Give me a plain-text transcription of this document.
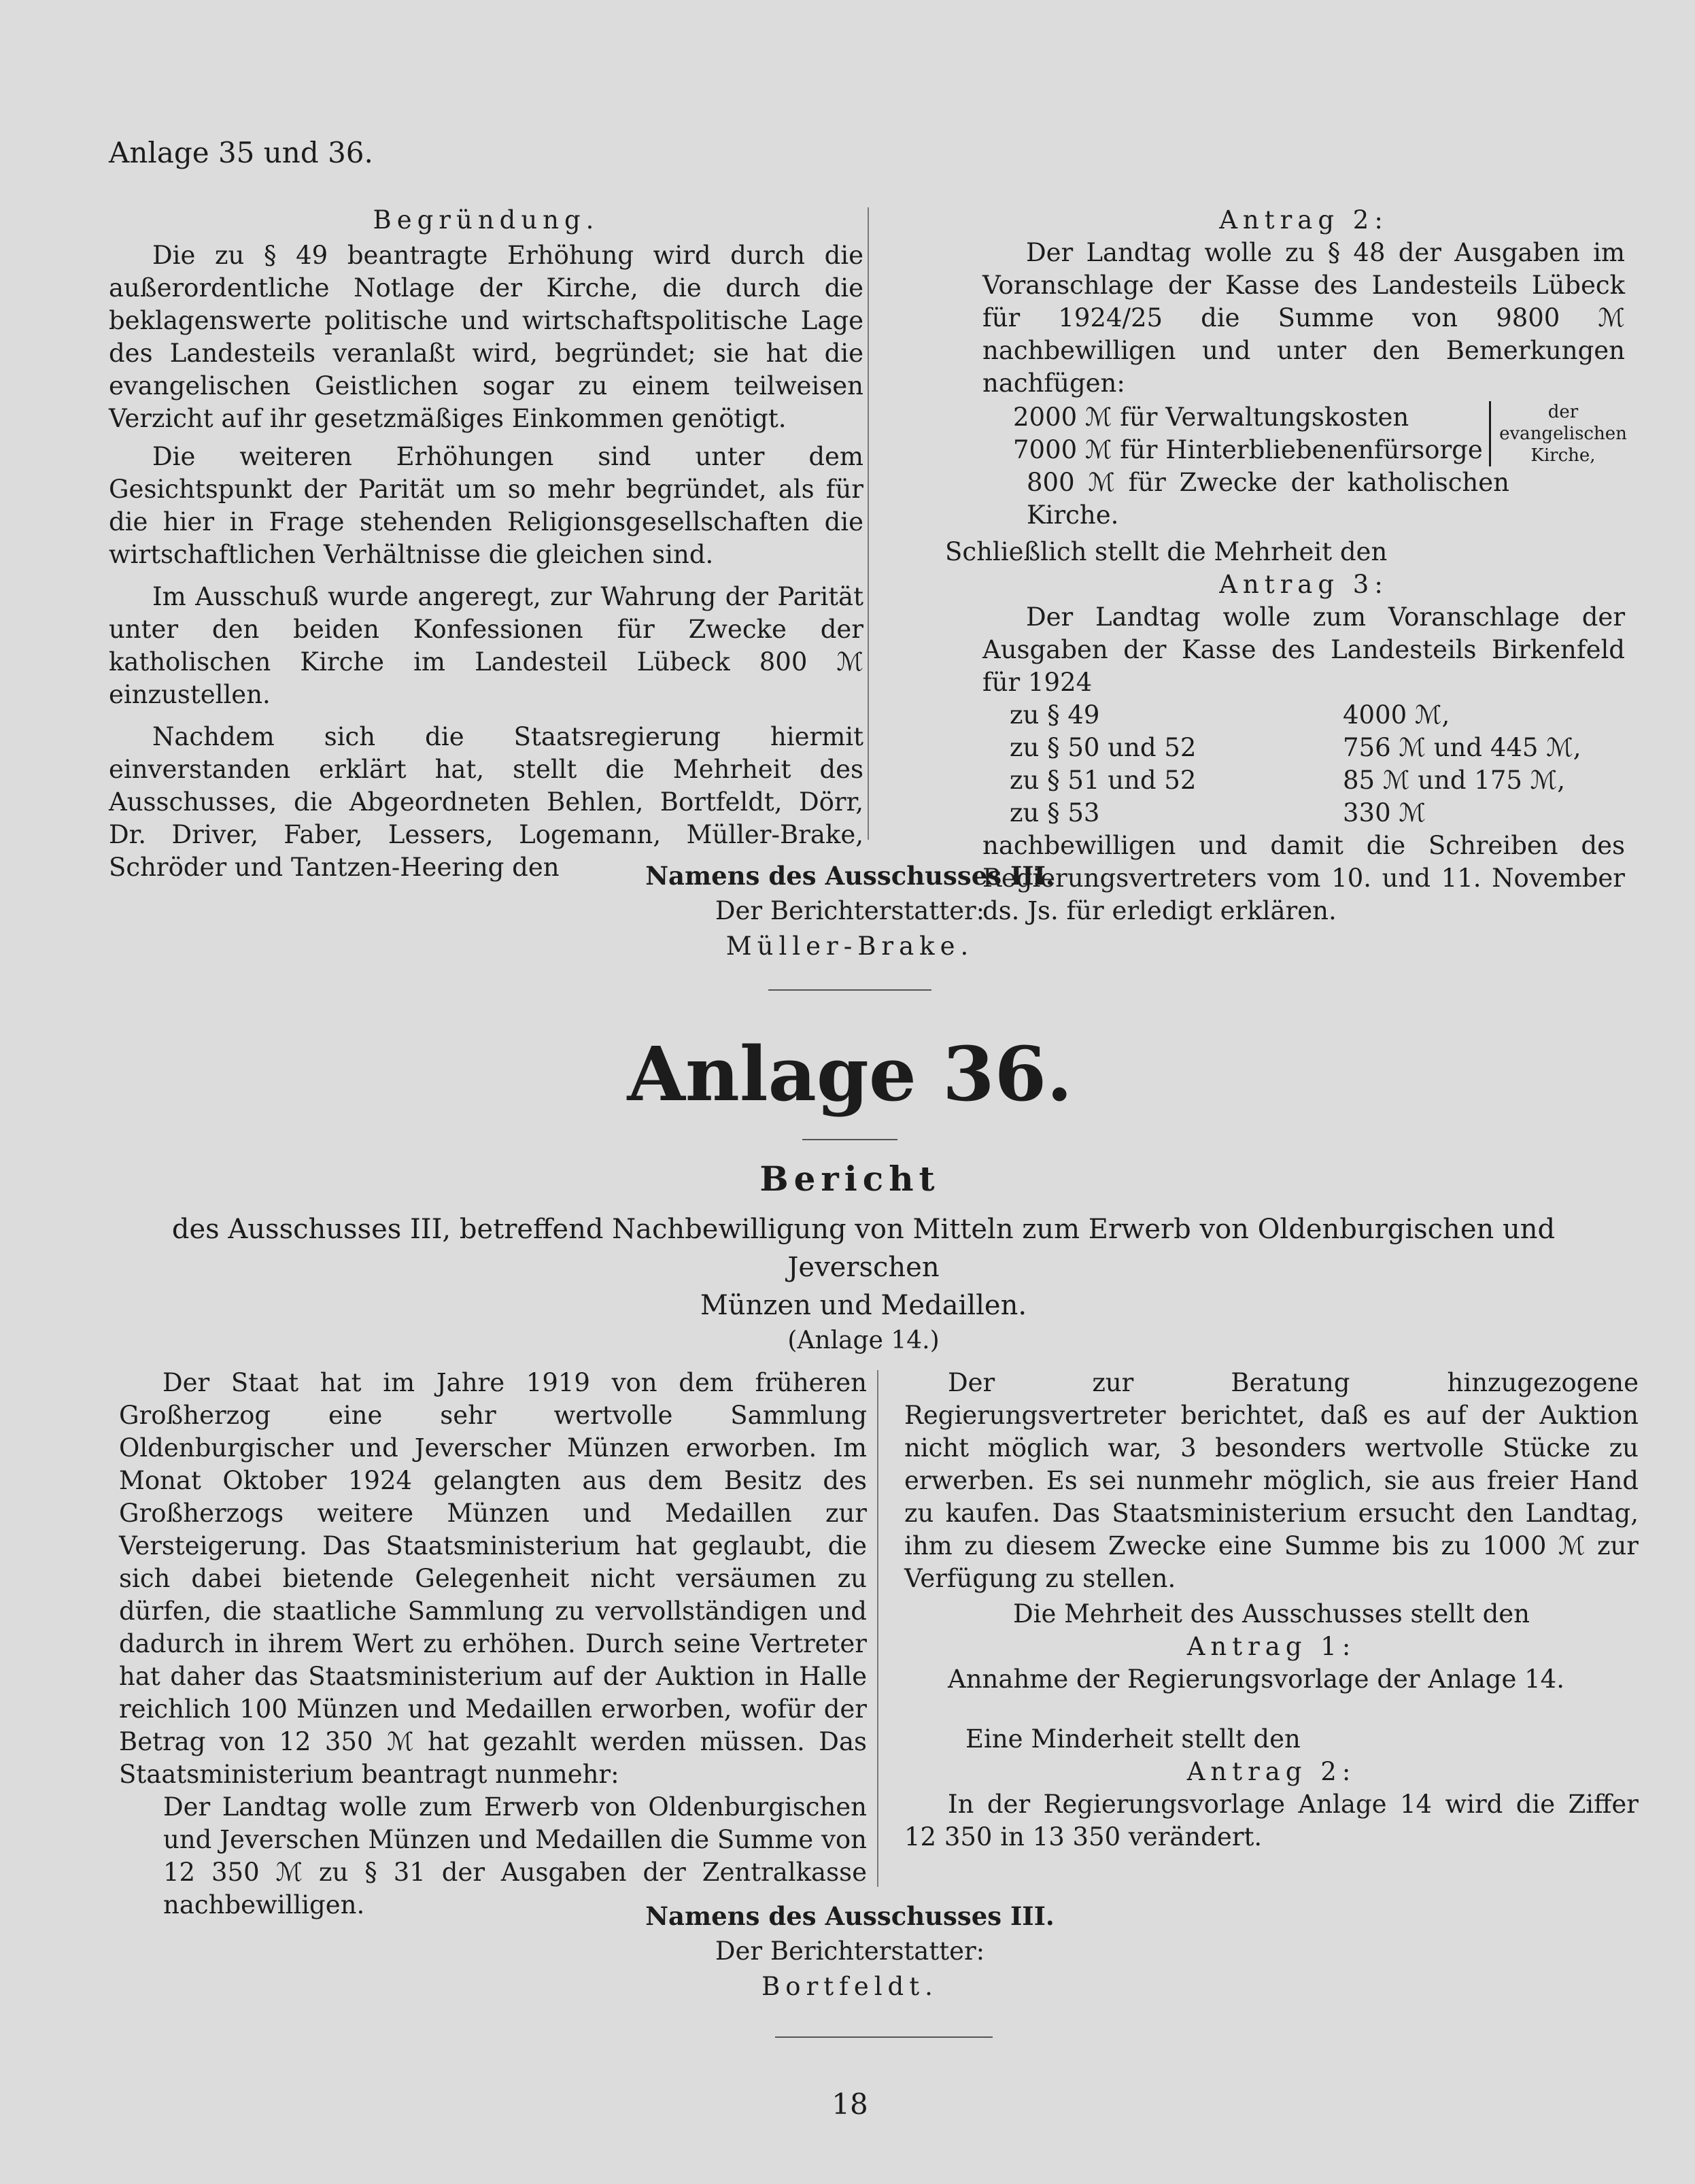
Anlage 35 und 36.

Begründung.

Die zu § 49 beantragte Erhöhung wird durch die außerordentliche Notlage der Kirche, die durch die beklagenswerte politische und wirtschaftspolitische Lage des Landesteils veranlaßt wird, begründet; sie hat die evangelischen Geistlichen sogar zu einem teilweisen Verzicht auf ihr gesetzmäßiges Einkommen genötigt.

Die weiteren Erhöhungen sind unter dem Gesichtspunkt der Parität um so mehr begründet, als für die hier in Frage stehenden Religionsgesellschaften die wirtschaftlichen Verhältnisse die gleichen sind.

Im Ausschuß wurde angeregt, zur Wahrung der Parität unter den beiden Konfessionen für Zwecke der katholischen Kirche im Landesteil Lübeck 800 ℳ einzustellen.

Nachdem sich die Staatsregierung hiermit einverstanden erklärt hat, stellt die Mehrheit des Ausschusses, die Abgeordneten Behlen, Bortfeldt, Dörr, Dr. Driver, Faber, Lessers, Logemann, Müller-Brake, Schröder und Tantzen-Heering den

Antrag 2:

Der Landtag wolle zu § 48 der Ausgaben im Voranschlage der Kasse des Landesteils Lübeck für 1924/25 die Summe von 9800 ℳ nachbewilligen und unter den Bemerkungen nachfügen:

2000 ℳ für Verwaltungskosten

7000 ℳ für Hinterbliebenenfürsorge

800 ℳ für Zwecke der katholischen Kirche.

der evangelischen Kirche,

Schließlich stellt die Mehrheit den

Antrag 3:

Der Landtag wolle zum Voranschlage der Ausgaben der Kasse des Landesteils Birkenfeld für 1924

zu § 49	4000 ℳ,
zu § 50 und 52	756 ℳ und 445 ℳ,
zu § 51 und 52	85 ℳ und 175 ℳ,
zu § 53	330 ℳ

nachbewilligen und damit die Schreiben des Regierungsvertreters vom 10. und 11. November ds. Js. für erledigt erklären.

Namens des Ausschusses III.
Der Berichterstatter:
Müller-Brake.
Anlage 36.
Bericht
des Ausschusses III, betreffend Nachbewilligung von Mitteln zum Erwerb von Oldenburgischen und Jeverschen
Münzen und Medaillen.
(Anlage 14.)

Der Staat hat im Jahre 1919 von dem früheren Großherzog eine sehr wertvolle Sammlung Oldenburgischer und Jeverscher Münzen erworben. Im Monat Oktober 1924 gelangten aus dem Besitz des Großherzogs weitere Münzen und Medaillen zur Versteigerung. Das Staatsministerium hat geglaubt, die sich dabei bietende Gelegenheit nicht versäumen zu dürfen, die staatliche Sammlung zu vervollständigen und dadurch in ihrem Wert zu erhöhen. Durch seine Vertreter hat daher das Staatsministerium auf der Auktion in Halle reichlich 100 Münzen und Medaillen erworben, wofür der Betrag von 12 350 ℳ hat gezahlt werden müssen. Das Staatsministerium beantragt nunmehr:

Der Landtag wolle zum Erwerb von Oldenburgischen und Jeverschen Münzen und Medaillen die Summe von 12 350 ℳ zu § 31 der Ausgaben der Zentralkasse nachbewilligen.

Der zur Beratung hinzugezogene Regierungsvertreter berichtet, daß es auf der Auktion nicht möglich war, 3 besonders wertvolle Stücke zu erwerben. Es sei nunmehr möglich, sie aus freier Hand zu kaufen. Das Staatsministerium ersucht den Landtag, ihm zu diesem Zwecke eine Summe bis zu 1000 ℳ zur Verfügung zu stellen.

Die Mehrheit des Ausschusses stellt den

Antrag 1:

Annahme der Regierungsvorlage der Anlage 14.

Eine Minderheit stellt den

Antrag 2:

In der Regierungsvorlage Anlage 14 wird die Ziffer 12 350 in 13 350 verändert.

Namens des Ausschusses III.
Der Berichterstatter:
Bortfeldt.
18
